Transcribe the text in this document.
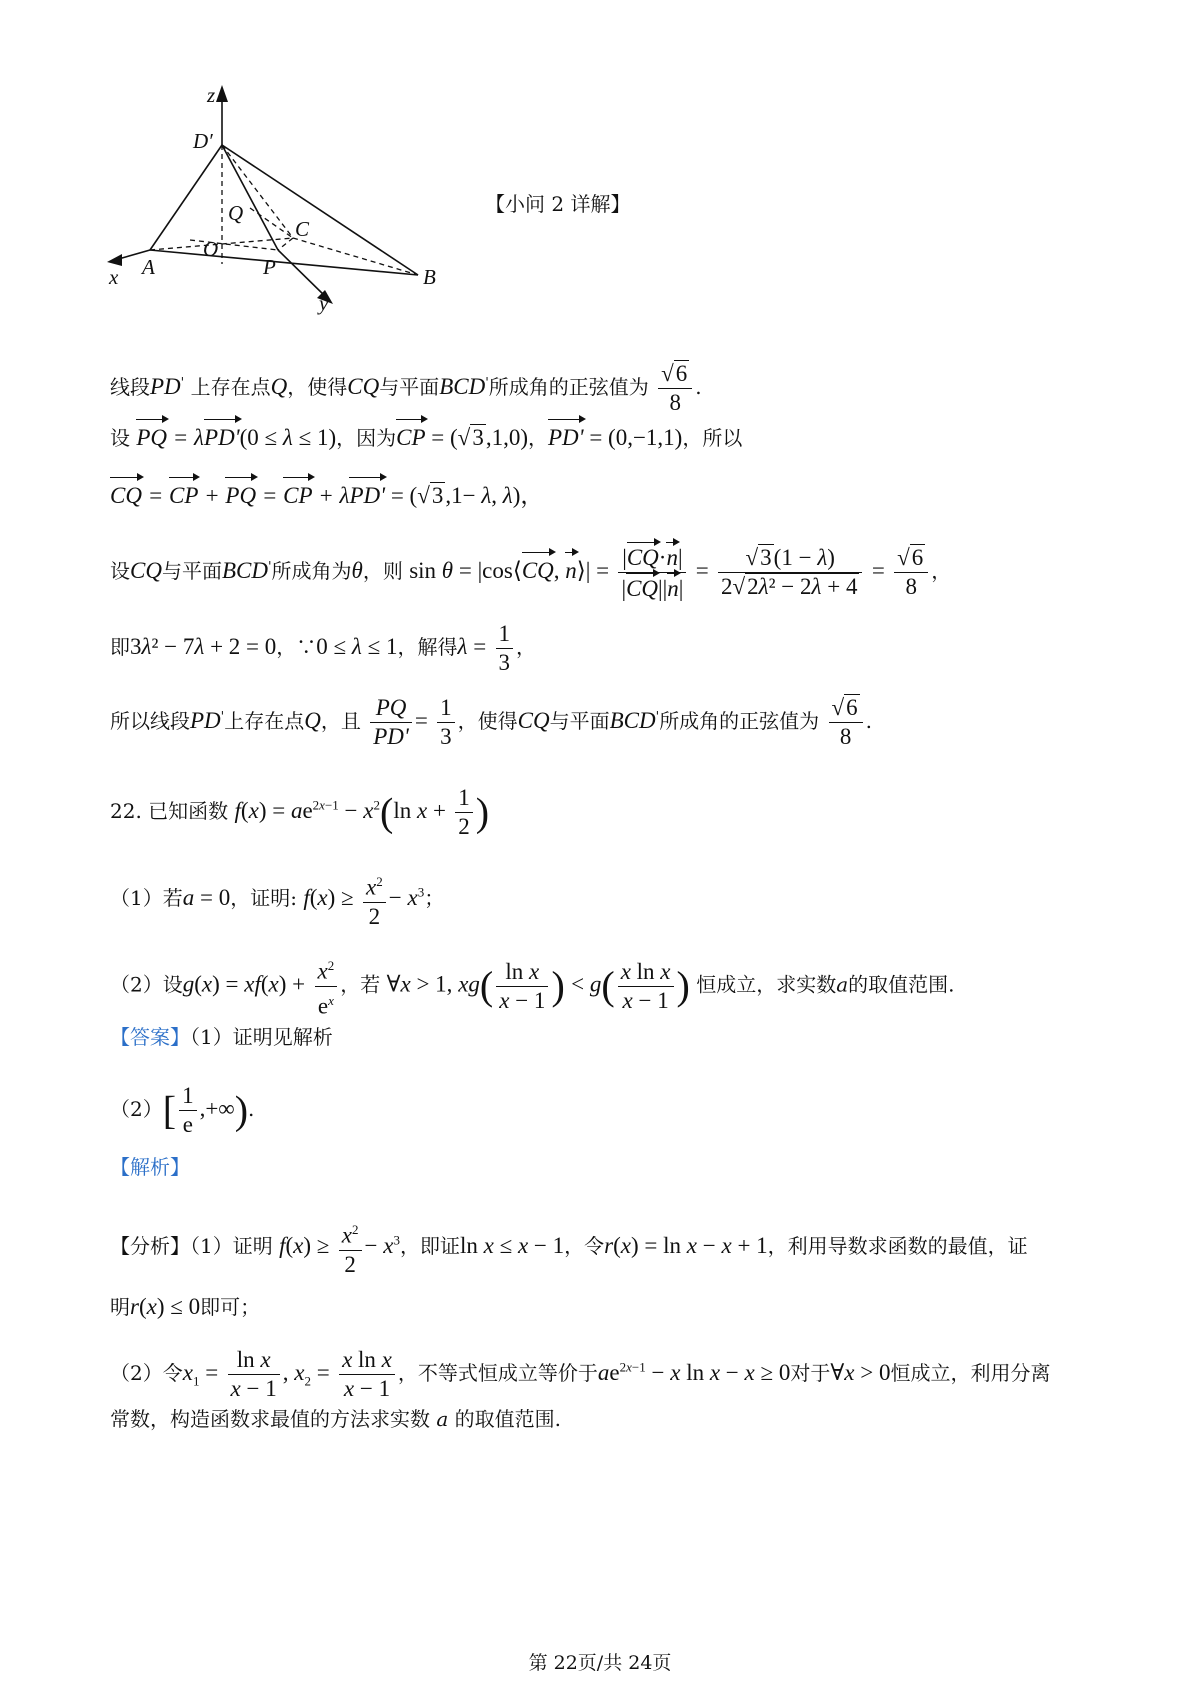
z
D′
Q
C
O
x A	P
y
B
【小问 2 详解】
线段PD' 上存在点Q，使得CQ与平面BCD'所成角的正弦值为 $\frac{√6}{8}$ .
设 PQ = λPD'(0 ≤ λ ≤ 1)，因为CP = (√3,1,0)，PD' = (0,−1,1)，所以
CQ = CP + PQ = CP + λPD' = (√3,1− λ, λ)，
设CQ与平面BCD'所成角为θ，则 sin θ = |cos⟨CQ, n⟩| = $\frac{|CQ\cdot n|}{|CQ||n|} = \frac{√3(1 - \lambda)}{\text{2√2λ² − 2λ + 4}} = \frac{√6}{8}$ ，
即3λ² − 7λ + 2 = 0，∵0 ≤ λ ≤ 1，解得$\lambda = \frac{1}{3}$ ，
所以线段PD'上存在点Q，且 $\frac{PQ}{PD'} = \frac{1}{3}$ ，使得CQ与平面BCD'所成角的正弦值为 $\frac{√6}{8}$ .
22. 已知函数 $f(x) = ae^{2x-1} - x^2(\ln$ $x + \frac{1}{2}$ )
（1）若a = 0，证明: $f(x) \ge \frac{x^2}{2} - x^3$；
（2）设$g(x) = xf(x) + \frac{x^2}{e^x}$ ，若 ∀x > 1, $xg( \frac{\text{ln x}}{x - 1}$ ) < $g( \frac{\text{x ln x}}{x - 1}$ ) 恒成立，求实数a的取值范围.
【答案】（1）证明见解析
$(2)[ \frac{1}{e}$ ,+∞).
【解析】
【分析】（1）证明 $f(x) \ge \frac{x^2}{2} - x^3$，即证ln x ≤ x − 1，令r(x) = ln x − x + 1，利用导数求函数的最值，证
明r(x) ≤ 0即可；
（2）令$x_1 = \frac{\text{ln x}}{x - 1}$ , $x_2 = \frac{\text{x ln x}}{x - 1}$ ，不等式恒成立等价于$ae^{2x-1} - x$ ln x − x ≥ 0对于∀x > 0恒成立，利用分离
常数，构造函数求最值的方法求实数 a 的取值范围.
第 22页/共 24页
